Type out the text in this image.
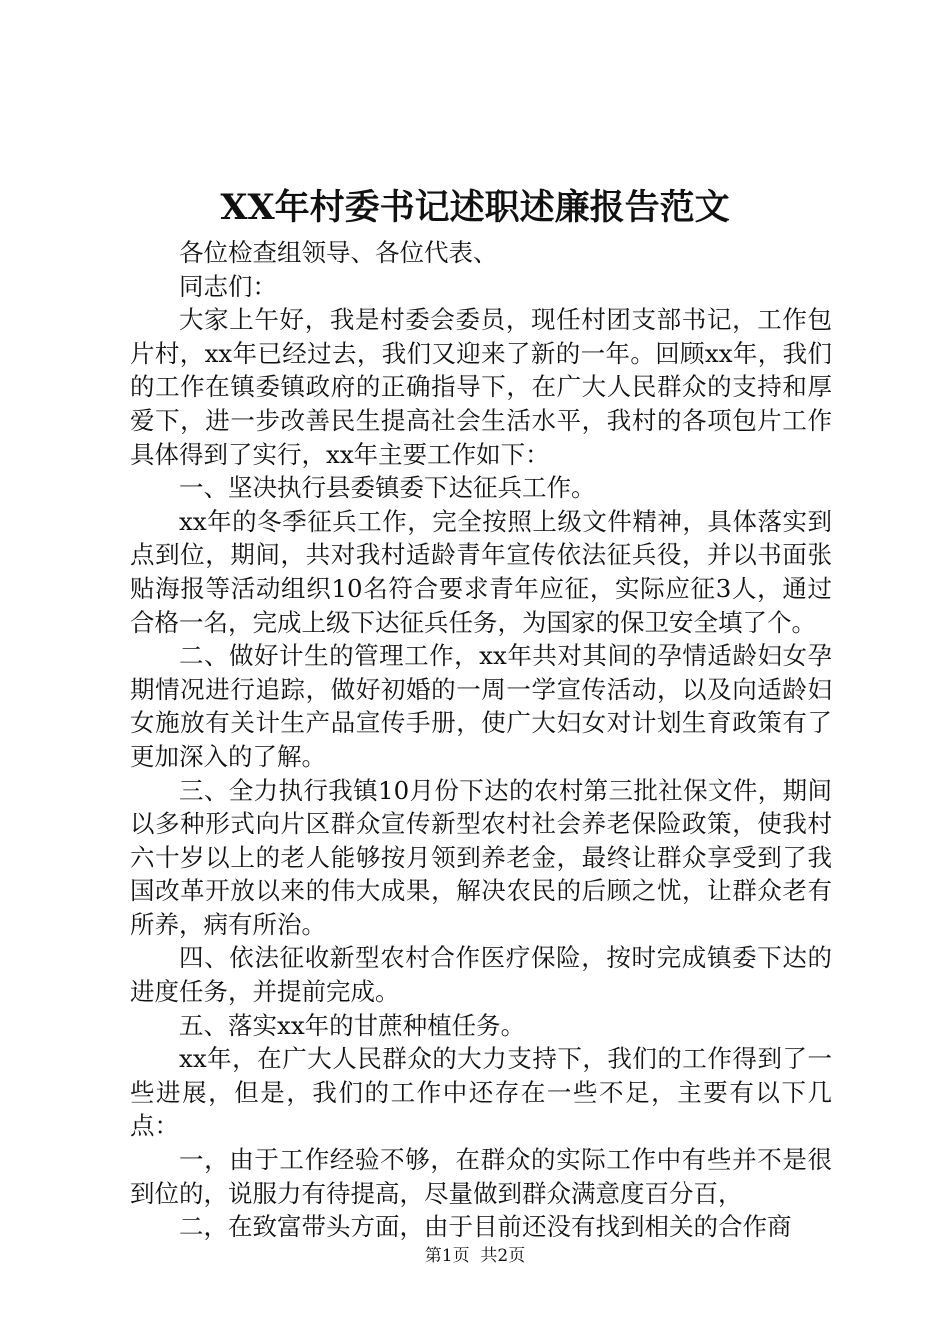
XX年村委书记述职述廉报告范文

各位检查组领导、各位代表、

同志们：

大家上午好，我是村委会委员，现任村团支部书记，工作包片村，xx年已经过去，我们又迎来了新的一年。回顾xx年，我们的工作在镇委镇政府的正确指导下，在广大人民群众的支持和厚爱下，进一步改善民生提高社会生活水平，我村的各项包片工作具体得到了实行，xx年主要工作如下：

一、坚决执行县委镇委下达征兵工作。

xx年的冬季征兵工作，完全按照上级文件精神，具体落实到点到位，期间，共对我村适龄青年宣传依法征兵役，并以书面张贴海报等活动组织10名符合要求青年应征，实际应征3人，通过合格一名，完成上级下达征兵任务，为国家的保卫安全填了个。

二、做好计生的管理工作，xx年共对其间的孕情适龄妇女孕期情况进行追踪，做好初婚的一周一学宣传活动，以及向适龄妇女施放有关计生产品宣传手册，使广大妇女对计划生育政策有了更加深入的了解。

三、全力执行我镇10月份下达的农村第三批社保文件，期间以多种形式向片区群众宣传新型农村社会养老保险政策，使我村六十岁以上的老人能够按月领到养老金，最终让群众享受到了我国改革开放以来的伟大成果，解决农民的后顾之忧，让群众老有所养，病有所治。

四、依法征收新型农村合作医疗保险，按时完成镇委下达的进度任务，并提前完成。

五、落实xx年的甘蔗种植任务。

xx年，在广大人民群众的大力支持下，我们的工作得到了一些进展，但是，我们的工作中还存在一些不足，主要有以下几点：

一，由于工作经验不够，在群众的实际工作中有些并不是很到位的，说服力有待提高，尽量做到群众满意度百分百，

二，在致富带头方面，由于目前还没有找到相关的合作商

第1页 共2页
